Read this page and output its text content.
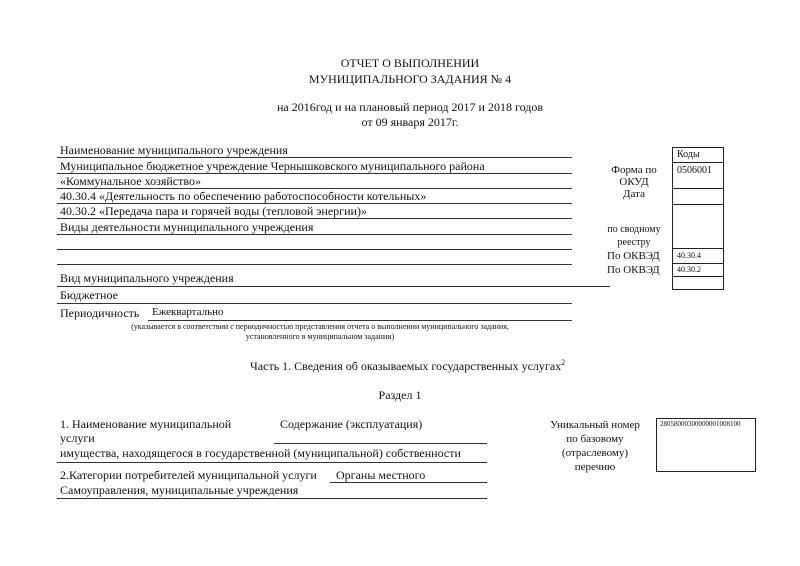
ОТЧЕТ О ВЫПОЛНЕНИИ
МУНИЦИПАЛЬНОГО ЗАДАНИЯ № 4
на 2016год и на плановый период 2017 и 2018 годов
от 09 января 2017г.
Наименование муниципального учреждения
Муниципальное бюджетное учреждение Чернышковского муниципального района
«Коммунальное хозяйство»
40.30.4 «Деятельность по обеспечению работоспособности котельных»
40.30.2 «Передача пара и горячей воды (тепловой энергии)»
Виды деятельности муниципального учреждения
Вид муниципального учреждения
Бюджетное
Периодичность Ежеквартально
(указывается в соответствии с периодичностью представления отчета о выполнении муниципального задания,
установленного в муниципальном задании)
Форма по
ОКУД
Дата
по сводному
реестру
По ОКВЭД
По ОКВЭД
Коды
0506001
40.30.4
40.30.2
Часть 1. Сведения об оказываемых государственных услугах$^2$
Раздел 1
1. Наименование муниципальной
услуги
Содержание (эксплуатация)
имущества, находящегося в государственной (муниципальной) собственности
Уникальный номер
по базовому
(отраслевому)
перечню
28058000300000001008100
2.Категории потребителей муниципальной услуги Органы местного
Самоуправления, муниципальные учреждения
